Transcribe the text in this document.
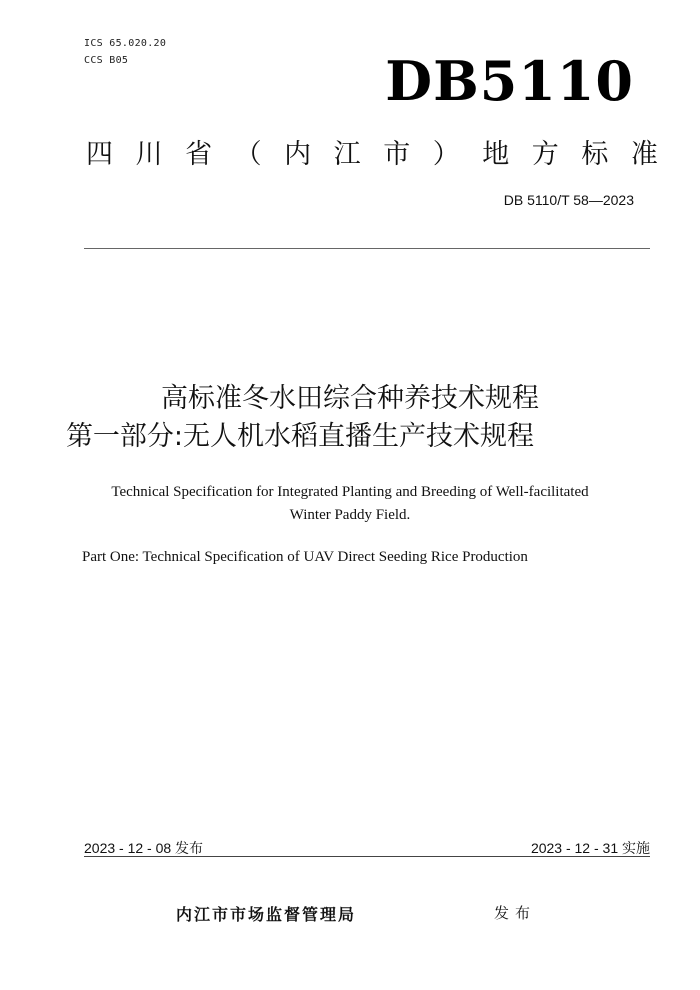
ICS 65.020.20
CCS B05	DB5110
四 川 省 （ 内 江 市 ） 地 方 标 准
DB 5110/T 58—2023
高标准冬水田综合种养技术规程
第一部分:无人机水稻直播生产技术规程
Technical Specification for Integrated Planting and Breeding of Well-facilitated
Winter Paddy Field.
Part One: Technical Specification of UAV Direct Seeding Rice Production
2023 - 12 - 08 发布	2023 - 12 - 31 实施
内江市市场监督管理局	发布
